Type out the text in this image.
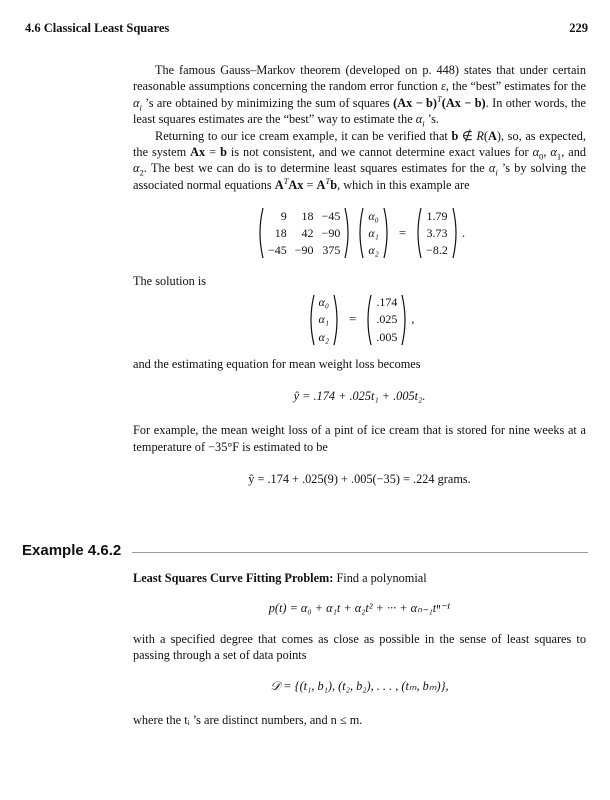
4.6 Classical Least Squares	229

The famous Gauss–Markov theorem (developed on p. 448) states that under certain reasonable assumptions concerning the random error function ε, the “best” estimates for the $\alpha_i$ ’s are obtained by minimizing the sum of squares $(Ax - b)^T(Ax - b)$. In other words, the least squares estimates are the “best” way to estimate the $\alpha_i$ ’s.

Returning to our ice cream example, it can be verified that b ∉ R(A), so, as expected, the system Ax = b is not consistent, and we cannot determine exact values for $\alpha_0$, $\alpha_1$, and $\alpha_2$. The best we can do is to determine least squares estimates for the $\alpha_i$ ’s by solving the associated normal equations $A^TAx = A^Tb$, which in this example are

9	18	−45
18	42	−90
−45	−90	375
α₀
α₁
α₂
=
1.79
3.73
−8.2
.

The solution is

α₀
α₁
α₂
=
.174
.025
.005
,

and the estimating equation for mean weight loss becomes

ŷ = .174 + .025t₁ + .005t₂.

For example, the mean weight loss of a pint of ice cream that is stored for nine weeks at a temperature of −35°F is estimated to be

ŷ = .174 + .025(9) + .005(−35) = .224 grams.

Example 4.6.2

Least Squares Curve Fitting Problem: Find a polynomial

p(t) = α₀ + α₁t + α₂t² + ··· + αₙ₋₁tⁿ⁻¹

with a specified degree that comes as close as possible in the sense of least squares to passing through a set of data points

𝒟 = {(t₁, b₁), (t₂, b₂), . . . , (tₘ, bₘ)},

where the tᵢ ’s are distinct numbers, and n ≤ m.
